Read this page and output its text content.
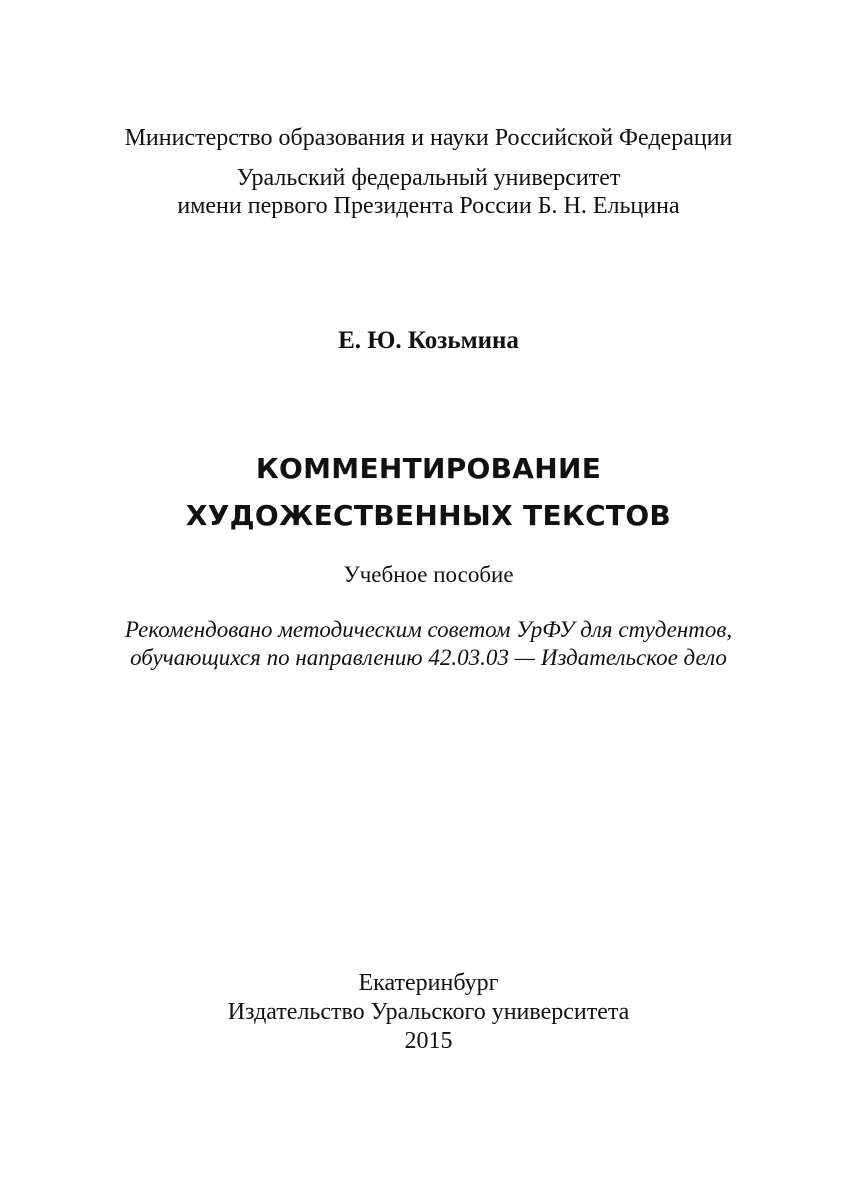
Министерство образования и науки Российской Федерации
Уральский федеральный университет
имени первого Президента России Б. Н. Ельцина
Е. Ю. Козьмина
КОММЕНТИРОВАНИЕ
ХУДОЖЕСТВЕННЫХ ТЕКСТОВ
Учебное пособие
Рекомендовано методическим советом УрФУ для студентов,
обучающихся по направлению 42.03.03 — Издательское дело
Екатеринбург
Издательство Уральского университета
2015
